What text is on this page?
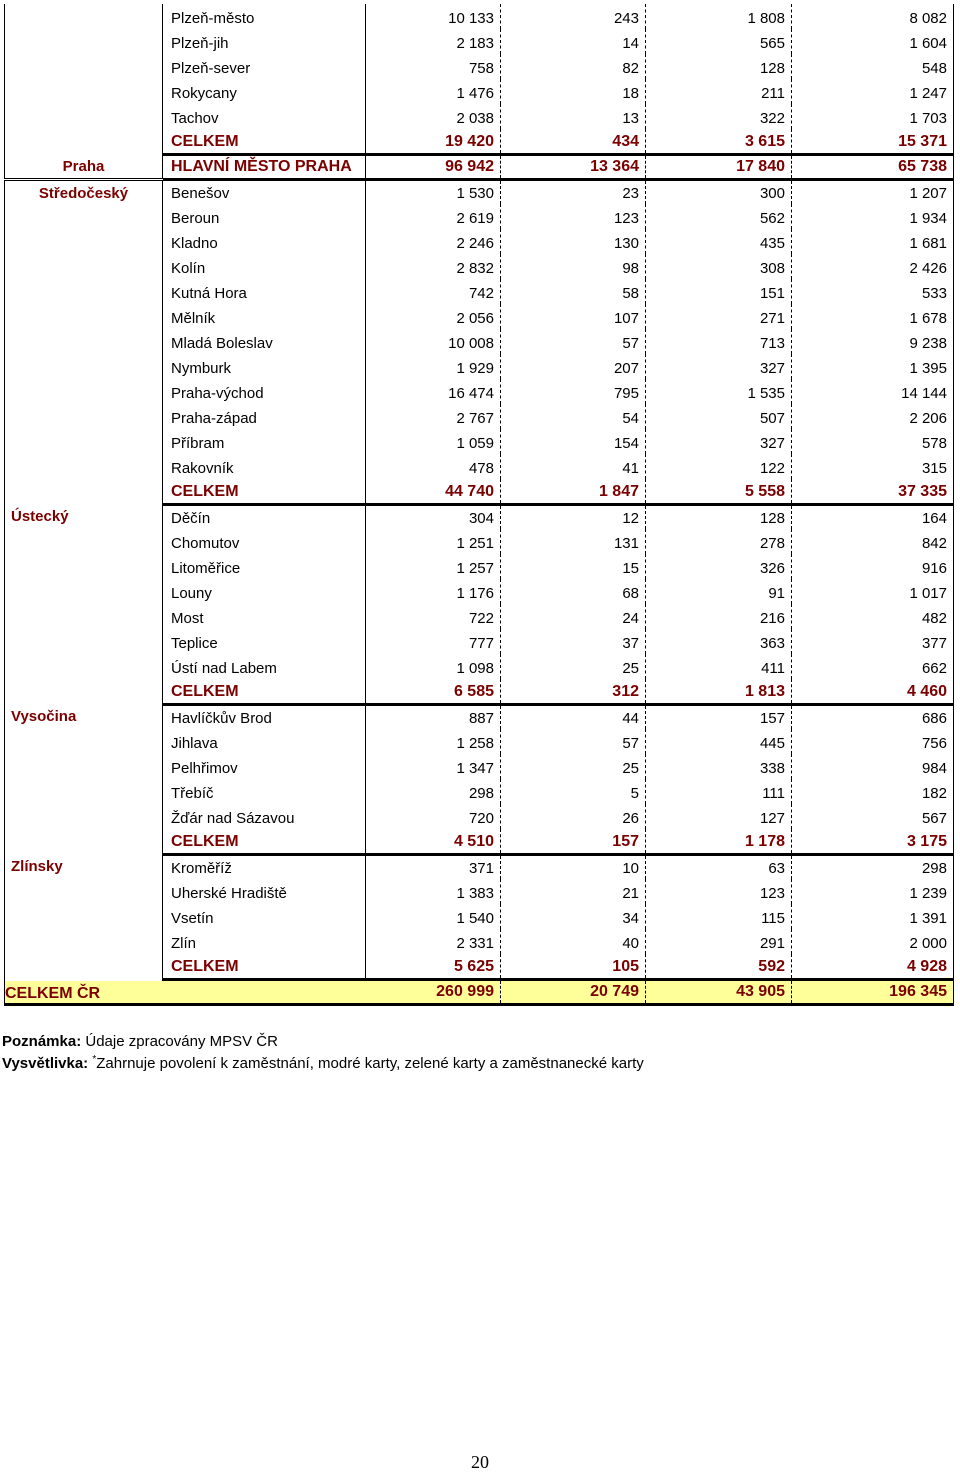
	Plzeň-město	10 133	243	1 808	8 082
	Plzeň-jih	2 183	14	565	1 604
	Plzeň-sever	758	82	128	548
	Rokycany	1 476	18	211	1 247
	Tachov	2 038	13	322	1 703
	CELKEM	19 420	434	3 615	15 371
Praha	HLAVNÍ MĚSTO PRAHA	96 942	13 364	17 840	65 738
Středočeský	Benešov	1 530	23	300	1 207
	Beroun	2 619	123	562	1 934
	Kladno	2 246	130	435	1 681
	Kolín	2 832	98	308	2 426
	Kutná Hora	742	58	151	533
	Mělník	2 056	107	271	1 678
	Mladá Boleslav	10 008	57	713	9 238
	Nymburk	1 929	207	327	1 395
	Praha-východ	16 474	795	1 535	14 144
	Praha-západ	2 767	54	507	2 206
	Příbram	1 059	154	327	578
	Rakovník	478	41	122	315
	CELKEM	44 740	1 847	5 558	37 335
Ústecký	Děčín	304	12	128	164
	Chomutov	1 251	131	278	842
	Litoměřice	1 257	15	326	916
	Louny	1 176	68	91	1 017
	Most	722	24	216	482
	Teplice	777	37	363	377
	Ústí nad Labem	1 098	25	411	662
	CELKEM	6 585	312	1 813	4 460
Vysočina	Havlíčkův Brod	887	44	157	686
	Jihlava	1 258	57	445	756
	Pelhřimov	1 347	25	338	984
	Třebíč	298	5	111	182
	Žďár nad Sázavou	720	26	127	567
	CELKEM	4 510	157	1 178	3 175
Zlínsky	Kroměříž	371	10	63	298
	Uherské Hradiště	1 383	21	123	1 239
	Vsetín	1 540	34	115	1 391
	Zlín	2 331	40	291	2 000
	CELKEM	5 625	105	592	4 928
CELKEM ČR		260 999	20 749	43 905	196 345
Poznámka: Údaje zpracovány MPSV ČR
Vysvětlivka: *Zahrnuje povolení k zaměstnání, modré karty, zelené karty a zaměstnanecké karty
20
